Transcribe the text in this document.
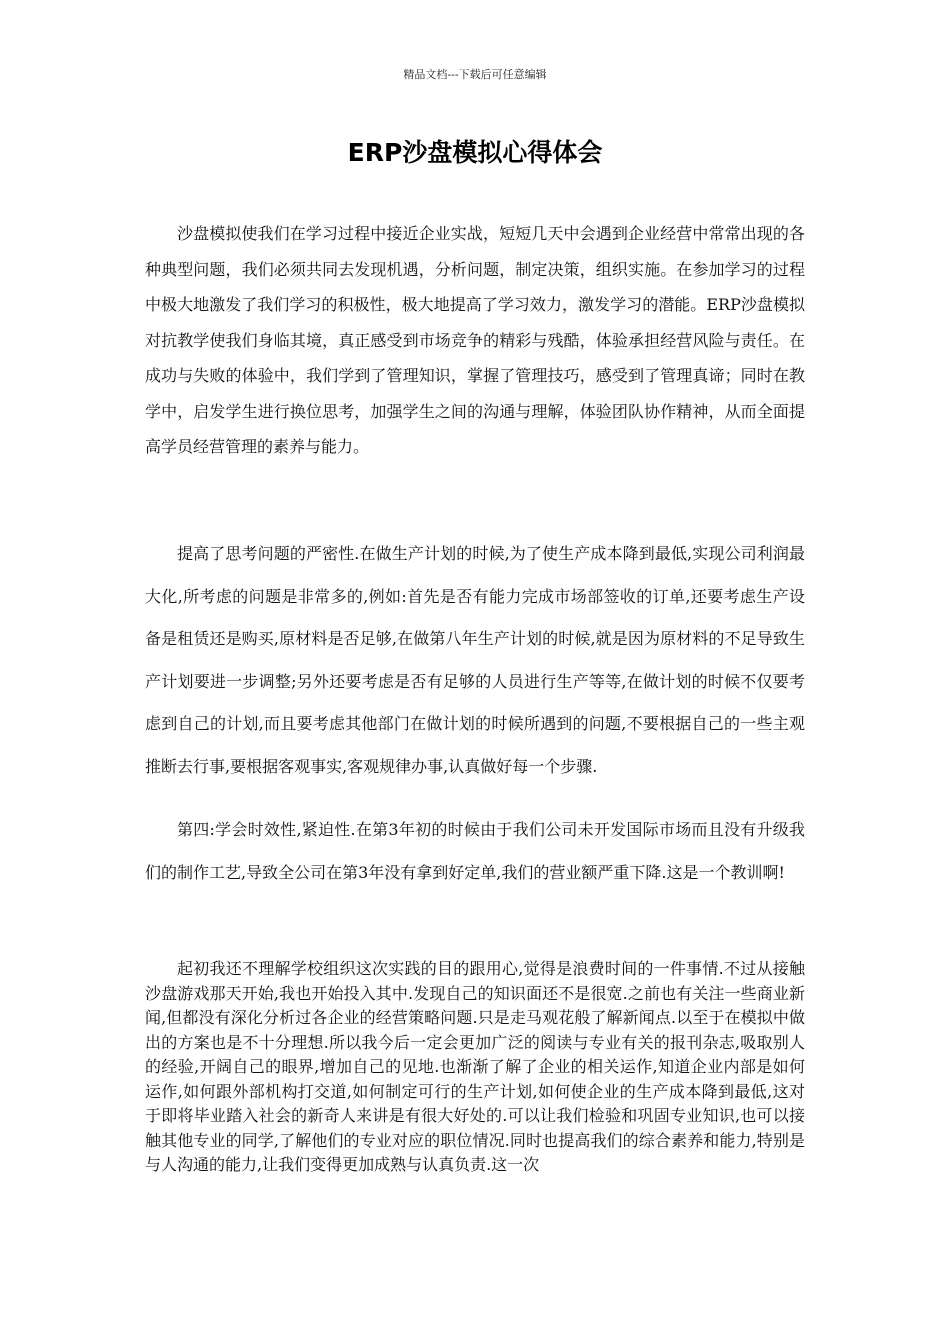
精品文档---下载后可任意编辑
ERP沙盘模拟心得体会

沙盘模拟使我们在学习过程中接近企业实战，短短几天中会遇到企业经营中常常出现的各种典型问题，我们必须共同去发现机遇，分析问题，制定决策，组织实施。在参加学习的过程中极大地激发了我们学习的积极性，极大地提高了学习效力，激发学习的潜能。ERP沙盘模拟对抗教学使我们身临其境，真正感受到市场竞争的精彩与残酷，体验承担经营风险与责任。在成功与失败的体验中，我们学到了管理知识，掌握了管理技巧，感受到了管理真谛；同时在教学中，启发学生进行换位思考，加强学生之间的沟通与理解，体验团队协作精神，从而全面提高学员经营管理的素养与能力。

提高了思考问题的严密性.在做生产计划的时候,为了使生产成本降到最低,实现公司利润最大化,所考虑的问题是非常多的,例如:首先是否有能力完成市场部签收的订单,还要考虑生产设备是租赁还是购买,原材料是否足够,在做第八年生产计划的时候,就是因为原材料的不足导致生产计划要进一步调整;另外还要考虑是否有足够的人员进行生产等等,在做计划的时候不仅要考虑到自己的计划,而且要考虑其他部门在做计划的时候所遇到的问题,不要根据自己的一些主观推断去行事,要根据客观事实,客观规律办事,认真做好每一个步骤.

第四:学会时效性,紧迫性.在第3年初的时候由于我们公司未开发国际市场而且没有升级我们的制作工艺,导致全公司在第3年没有拿到好定单,我们的营业额严重下降.这是一个教训啊!

起初我还不理解学校组织这次实践的目的跟用心,觉得是浪费时间的一件事情.不过从接触沙盘游戏那天开始,我也开始投入其中.发现自己的知识面还不是很宽.之前也有关注一些商业新闻,但都没有深化分析过各企业的经营策略问题.只是走马观花般了解新闻点.以至于在模拟中做出的方案也是不十分理想.所以我今后一定会更加广泛的阅读与专业有关的报刊杂志,吸取别人的经验,开阔自己的眼界,增加自己的见地.也渐渐了解了企业的相关运作,知道企业内部是如何运作,如何跟外部机构打交道,如何制定可行的生产计划,如何使企业的生产成本降到最低,这对于即将毕业踏入社会的新奇人来讲是有很大好处的.可以让我们检验和巩固专业知识,也可以接触其他专业的同学,了解他们的专业对应的职位情况.同时也提高我们的综合素养和能力,特别是与人沟通的能力,让我们变得更加成熟与认真负责.这一次
